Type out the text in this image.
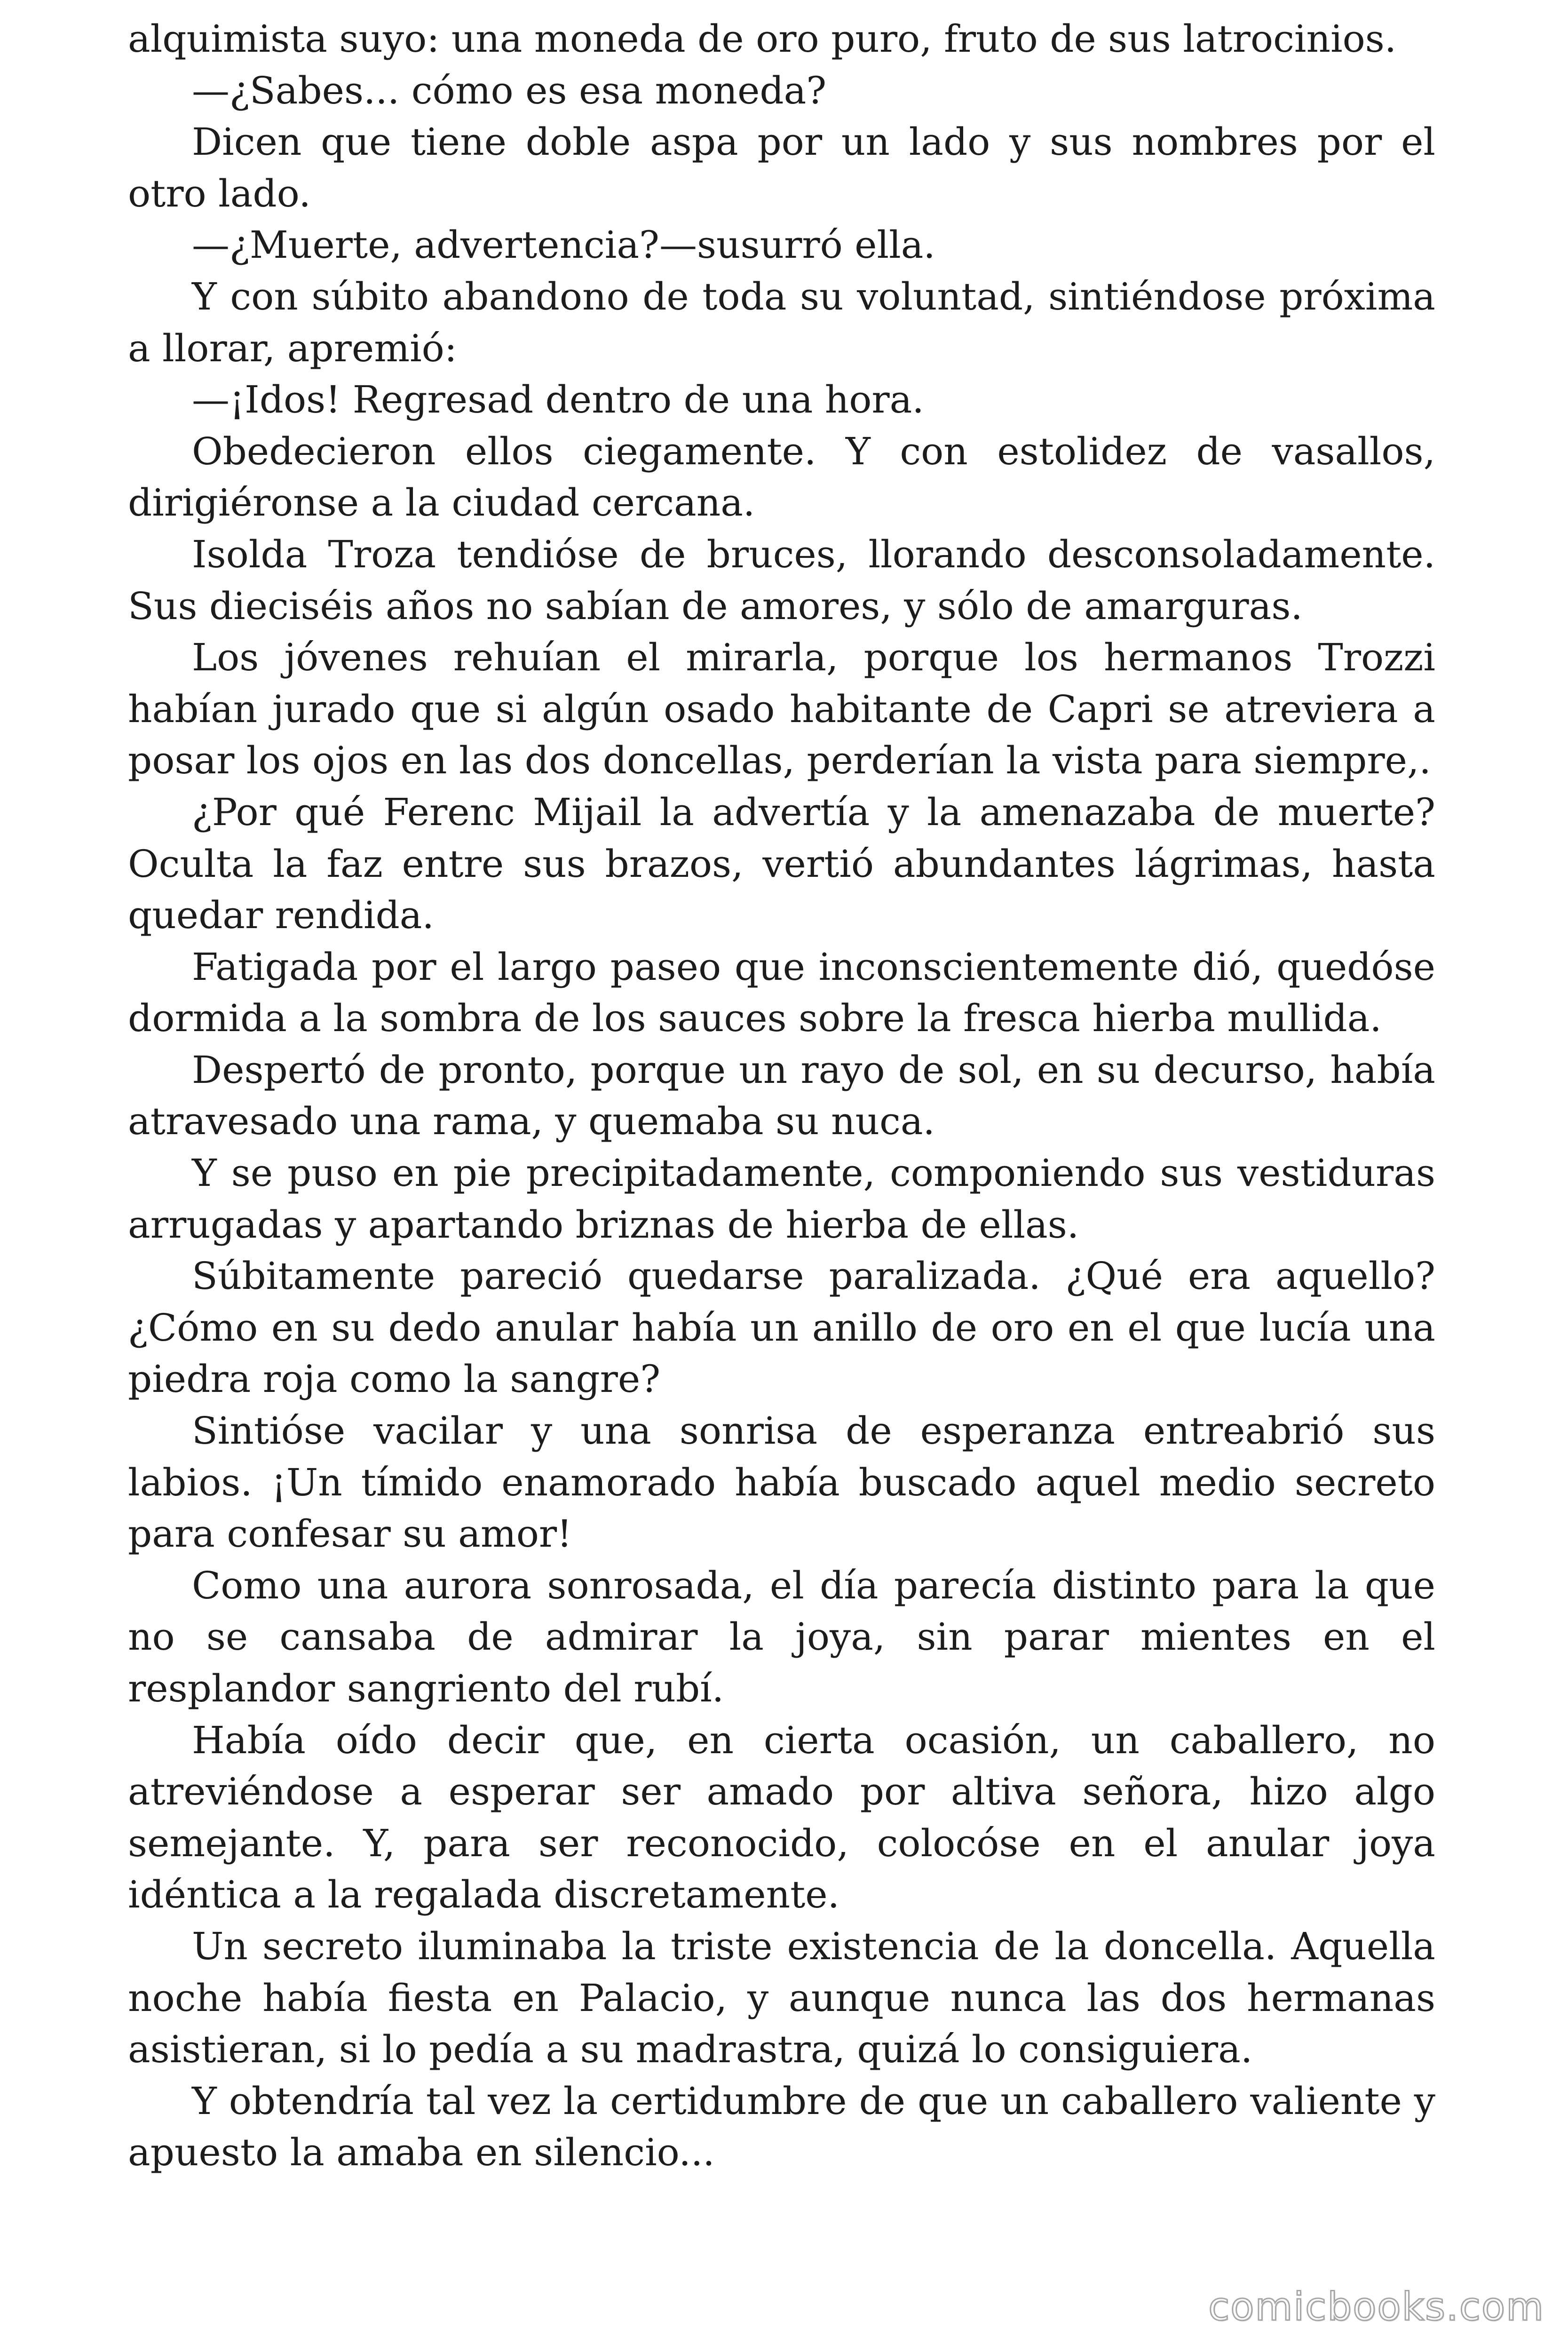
alquimista suyo: una moneda de oro puro, fruto de sus latrocinios.

—¿Sabes... cómo es esa moneda?

Dicen que tiene doble aspa por un lado y sus nombres por el otro lado.

—¿Muerte, advertencia?—susurró ella.

Y con súbito abandono de toda su voluntad, sintiéndose próxima a llorar, apremió:

—¡Idos! Regresad dentro de una hora.

Obedecieron ellos ciegamente. Y con estolidez de vasallos, dirigiéronse a la ciudad cercana.

Isolda Troza tendióse de bruces, llorando desconsoladamente. Sus dieciséis años no sabían de amores, y sólo de amarguras.

Los jóvenes rehuían el mirarla, porque los hermanos Trozzi habían jurado que si algún osado habitante de Capri se atreviera a posar los ojos en las dos doncellas, perderían la vista para siempre,.

¿Por qué Ferenc Mijail la advertía y la amenazaba de muerte? Oculta la faz entre sus brazos, vertió abundantes lágrimas, hasta quedar rendida.

Fatigada por el largo paseo que inconscientemente dió, quedóse dormida a la sombra de los sauces sobre la fresca hierba mullida.

Despertó de pronto, porque un rayo de sol, en su decurso, había atravesado una rama, y quemaba su nuca.

Y se puso en pie precipitadamente, componiendo sus vestiduras arrugadas y apartando briznas de hierba de ellas.

Súbitamente pareció quedarse paralizada. ¿Qué era aquello? ¿Cómo en su dedo anular había un anillo de oro en el que lucía una piedra roja como la sangre?

Sintióse vacilar y una sonrisa de esperanza entreabrió sus labios. ¡Un tímido enamorado había buscado aquel medio secreto para confesar su amor!

Como una aurora sonrosada, el día parecía distinto para la que no se cansaba de admirar la joya, sin parar mientes en el resplandor sangriento del rubí.

Había oído decir que, en cierta ocasión, un caballero, no atreviéndose a esperar ser amado por altiva señora, hizo algo semejante. Y, para ser reconocido, colocóse en el anular joya idéntica a la regalada discretamente.

Un secreto iluminaba la triste existencia de la doncella. Aquella noche había fiesta en Palacio, y aunque nunca las dos hermanas asistieran, si lo pedía a su madrastra, quizá lo consiguiera.

Y obtendría tal vez la certidumbre de que un caballero valiente y apuesto la amaba en silencio...

comicbooks.com
